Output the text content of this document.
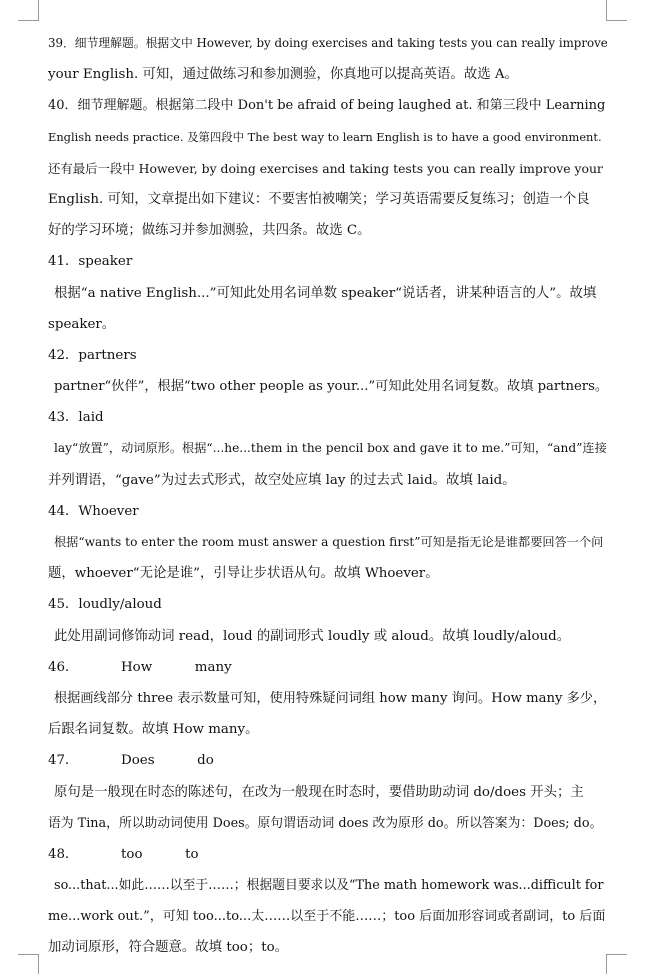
39．细节理解题。根据文中 However, by doing exercises and taking tests you can really improve
your English. 可知，通过做练习和参加测验，你真地可以提高英语。故选 A。
40．细节理解题。根据第二段中 Don't be afraid of being laughed at. 和第三段中 Learning
English needs practice. 及第四段中 The best way to learn English is to have a good environment.
还有最后一段中 However, by doing exercises and taking tests you can really improve your
English. 可知，文章提出如下建议：不要害怕被嘲笑；学习英语需要反复练习；创造一个良
好的学习环境；做练习并参加测验，共四条。故选 C。
41．speaker
根据“a native English...”可知此处用名词单数 speaker“说话者，讲某种语言的人”。故填
speaker。
42．partners
partner“伙伴”，根据“two other people as your...”可知此处用名词复数。故填 partners。
43．laid
lay“放置”，动词原形。根据“...he...them in the pencil box and gave it to me.”可知，“and”连接
并列谓语，“gave”为过去式形式，故空处应填 lay 的过去式 laid。故填 laid。
44．Whoever
根据“wants to enter the room must answer a question first”可知是指无论是谁都要回答一个问
题，whoever“无论是谁”，引导让步状语从句。故填 Whoever。
45．loudly/aloud
此处用副词修饰动词 read，loud 的副词形式 loudly 或 aloud。故填 loudly/aloud。
46．          How          many
根据画线部分 three 表示数量可知，使用特殊疑问词组 how many 询问。How many 多少，
后跟名词复数。故填 How many。
47．          Does          do
原句是一般现在时态的陈述句，在改为一般现在时态时，要借助助动词 do/does 开头；主
语为 Tina，所以助动词使用 Does。原句谓语动词 does 改为原形 do。所以答案为：Does; do。
48．          too          to
so...that...如此……以至于……；根据题目要求以及“The math homework was...difficult for
me...work out.”，可知 too...to...太……以至于不能……；too 后面加形容词或者副词，to 后面
加动词原形，符合题意。故填 too；to。
